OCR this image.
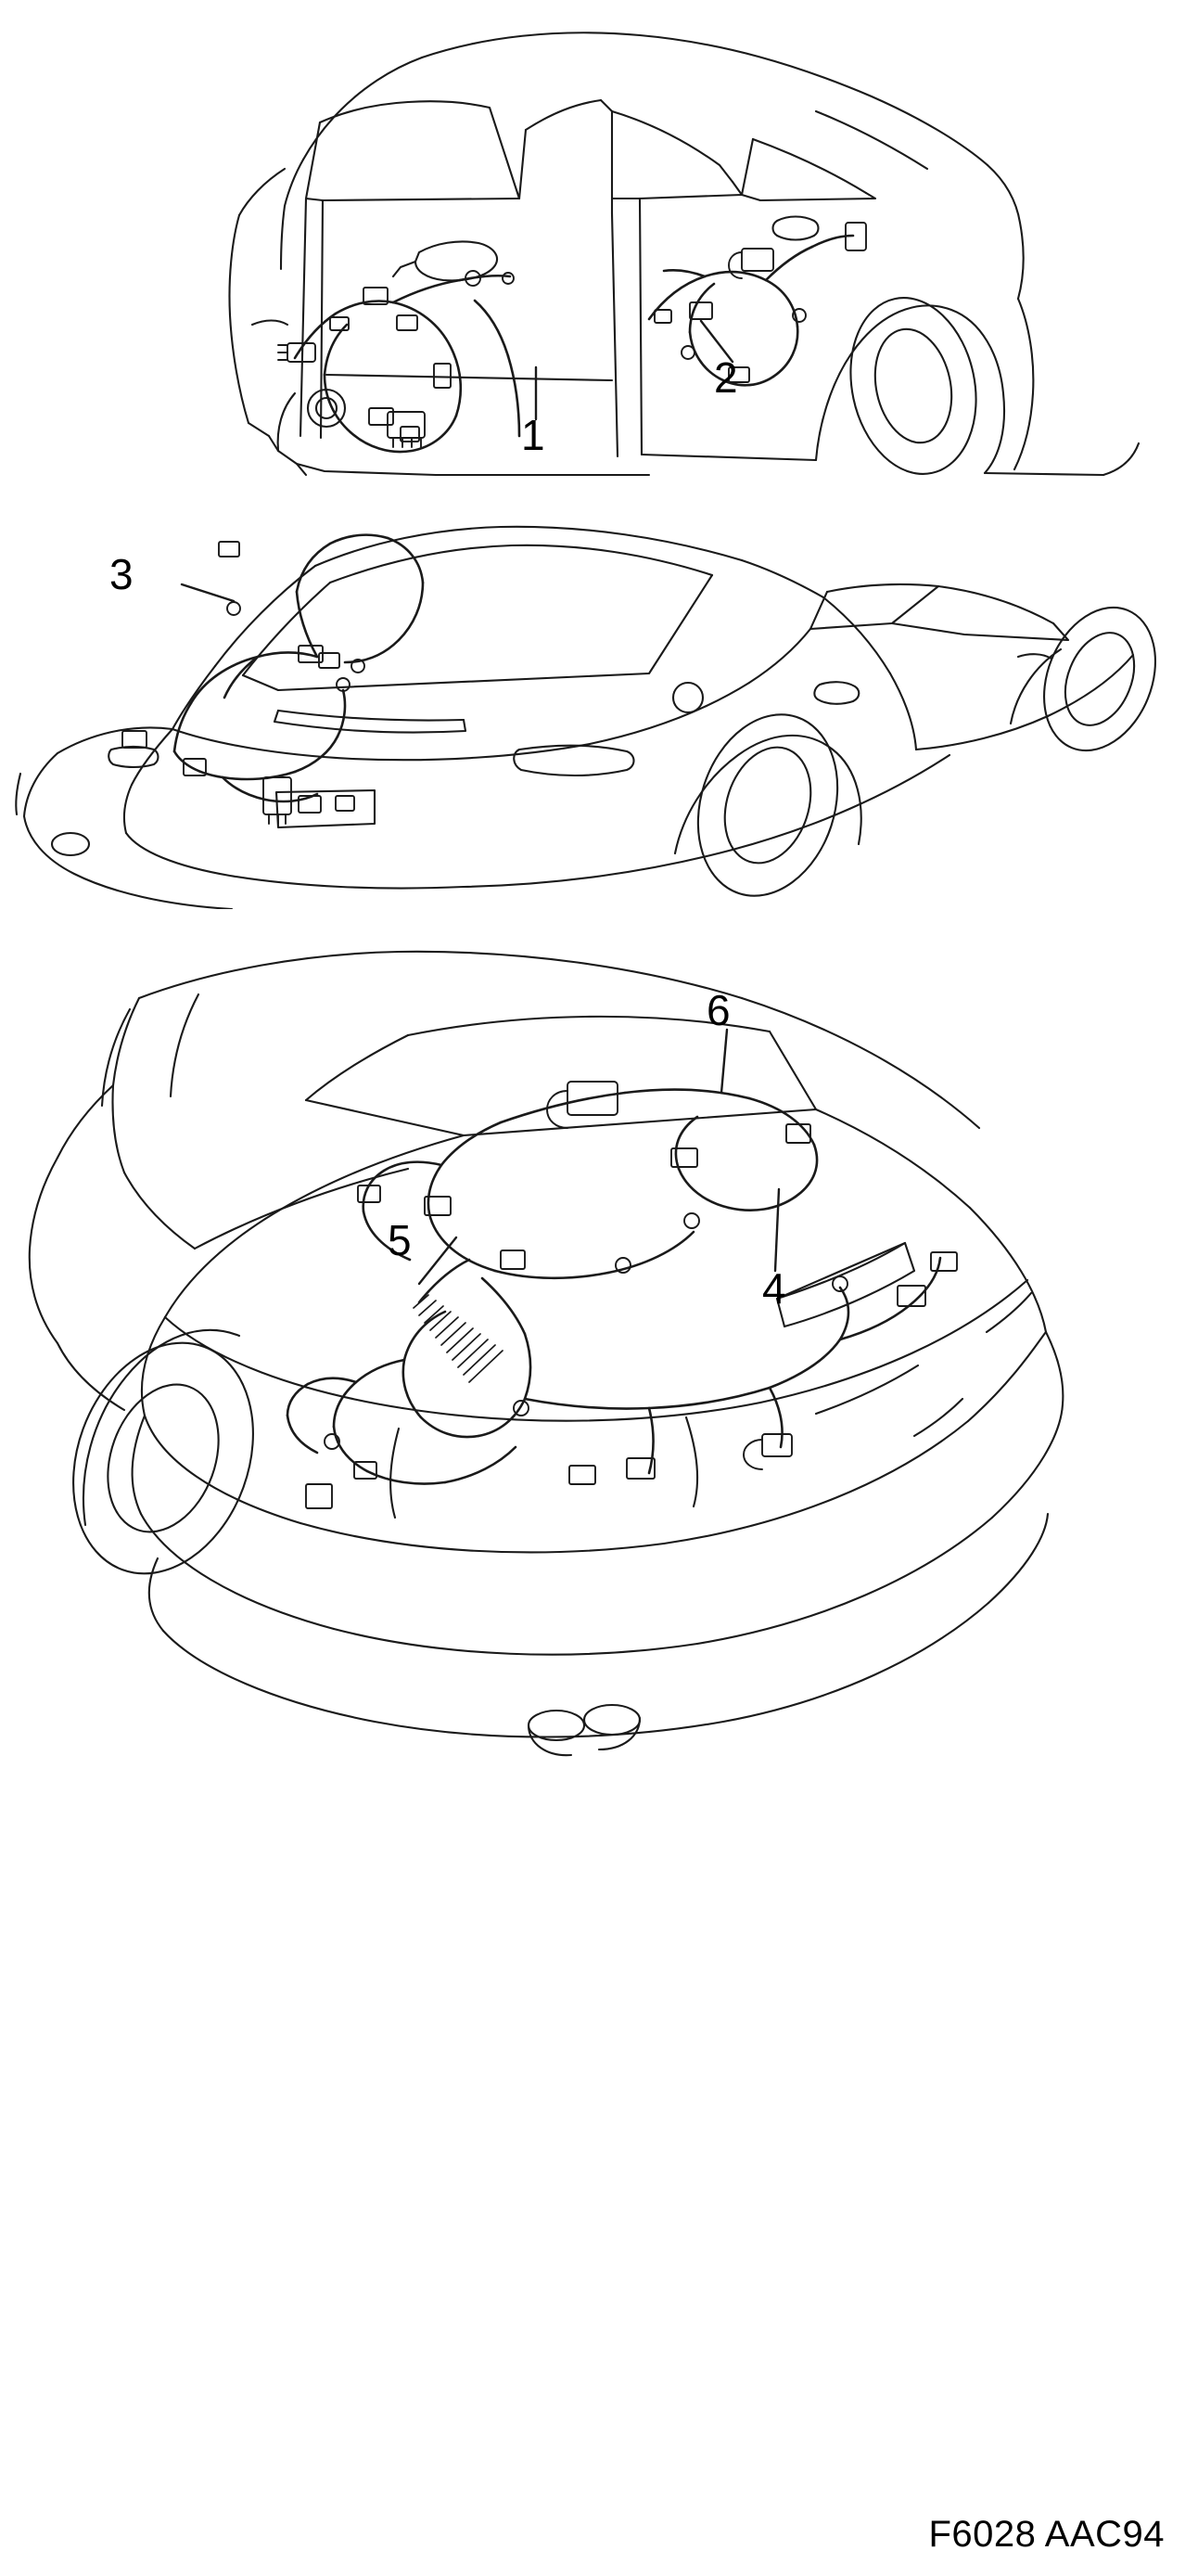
1
2
3
6
5
4
F6028 AAC94
